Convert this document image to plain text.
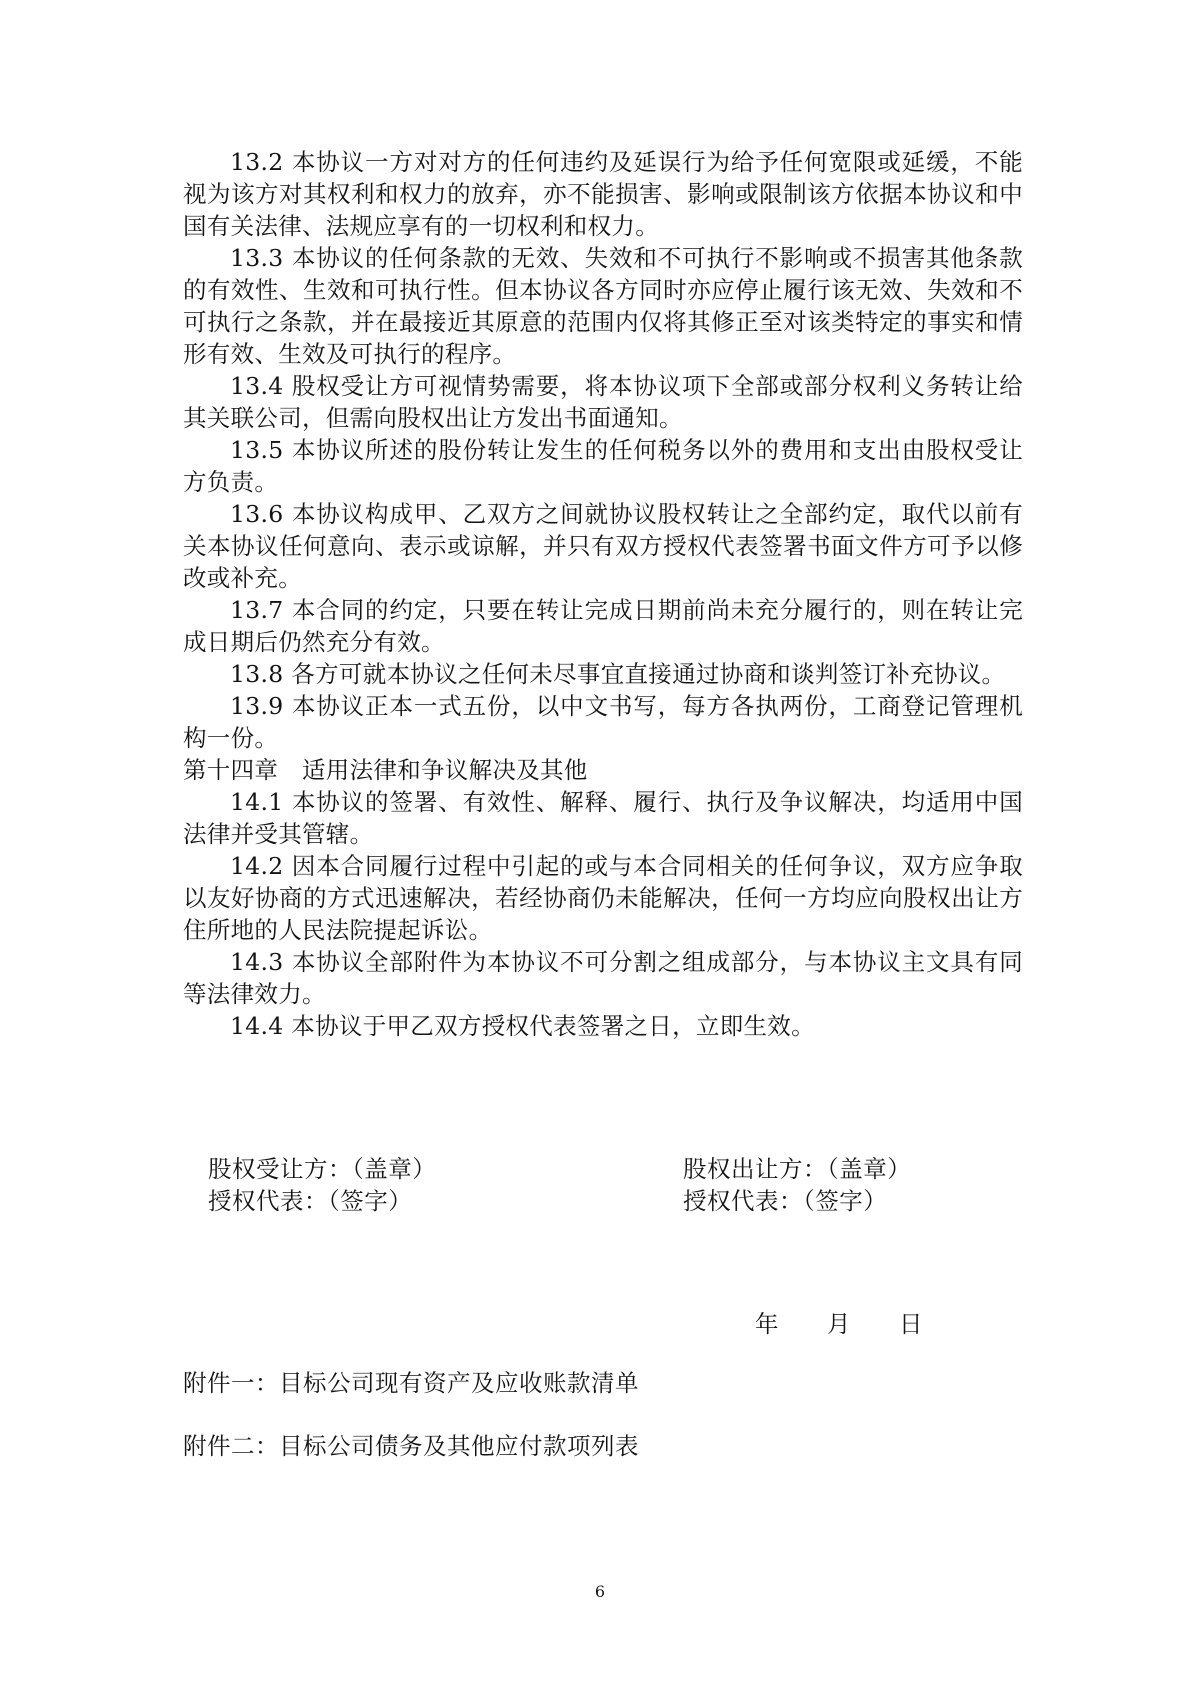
13.2 本协议一方对对方的任何违约及延误行为给予任何宽限或延缓，不能视为该方对其权利和权力的放弃，亦不能损害、影响或限制该方依据本协议和中国有关法律、法规应享有的一切权利和权力。

13.3 本协议的任何条款的无效、失效和不可执行不影响或不损害其他条款的有效性、生效和可执行性。但本协议各方同时亦应停止履行该无效、失效和不可执行之条款，并在最接近其原意的范围内仅将其修正至对该类特定的事实和情形有效、生效及可执行的程序。

13.4 股权受让方可视情势需要，将本协议项下全部或部分权利义务转让给其关联公司，但需向股权出让方发出书面通知。

13.5 本协议所述的股份转让发生的任何税务以外的费用和支出由股权受让方负责。

13.6 本协议构成甲、乙双方之间就协议股权转让之全部约定，取代以前有关本协议任何意向、表示或谅解，并只有双方授权代表签署书面文件方可予以修改或补充。

13.7 本合同的约定，只要在转让完成日期前尚未充分履行的，则在转让完成日期后仍然充分有效。

13.8 各方可就本协议之任何未尽事宜直接通过协商和谈判签订补充协议。

13.9 本协议正本一式五份，以中文书写，每方各执两份，工商登记管理机构一份。

第十四章　适用法律和争议解决及其他

14.1 本协议的签署、有效性、解释、履行、执行及争议解决，均适用中国法律并受其管辖。

14.2 因本合同履行过程中引起的或与本合同相关的任何争议，双方应争取以友好协商的方式迅速解决，若经协商仍未能解决，任何一方均应向股权出让方住所地的人民法院提起诉讼。

14.3 本协议全部附件为本协议不可分割之组成部分，与本协议主文具有同等法律效力。

14.4 本协议于甲乙双方授权代表签署之日，立即生效。

股权受让方：（盖章）
授权代表：（签字）
股权出让方：（盖章）
授权代表：（签字）
年　　月　　日
附件一：目标公司现有资产及应收账款清单
附件二：目标公司债务及其他应付款项列表
6
